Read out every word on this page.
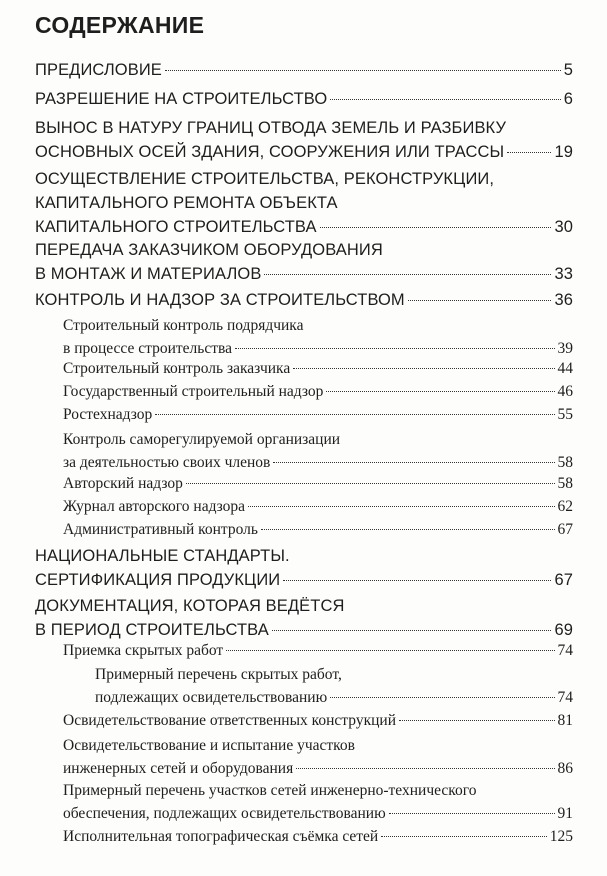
СОДЕРЖАНИЕ
ПРЕДИСЛОВИЕ	5
РАЗРЕШЕНИЕ НА СТРОИТЕЛЬСТВО	6
ВЫНОС В НАТУРУ ГРАНИЦ ОТВОДА ЗЕМЕЛЬ И РАЗБИВКУ
ОСНОВНЫХ ОСЕЙ ЗДАНИЯ, СООРУЖЕНИЯ ИЛИ ТРАССЫ	19
ОСУЩЕСТВЛЕНИЕ СТРОИТЕЛЬСТВА, РЕКОНСТРУКЦИИ,
КАПИТАЛЬНОГО РЕМОНТА ОБЪЕКТА
КАПИТАЛЬНОГО СТРОИТЕЛЬСТВА	30
ПЕРЕДАЧА ЗАКАЗЧИКОМ ОБОРУДОВАНИЯ
В МОНТАЖ И МАТЕРИАЛОВ	33
КОНТРОЛЬ И НАДЗОР ЗА СТРОИТЕЛЬСТВОМ	36
Строительный контроль подрядчика
в процессе строительства	39
Строительный контроль заказчика	44
Государственный строительный надзор	46
Ростехнадзор	55
Контроль саморегулируемой организации
за деятельностью своих членов	58
Авторский надзор	58
Журнал авторского надзора	62
Административный контроль	67
НАЦИОНАЛЬНЫЕ СТАНДАРТЫ.
СЕРТИФИКАЦИЯ ПРОДУКЦИИ	67
ДОКУМЕНТАЦИЯ, КОТОРАЯ ВЕДЁТСЯ
В ПЕРИОД СТРОИТЕЛЬСТВА	69
Приемка скрытых работ	74
Примерный перечень скрытых работ,
подлежащих освидетельствованию	74
Освидетельствование ответственных конструкций	81
Освидетельствование и испытание участков
инженерных сетей и оборудования	86
Примерный перечень участков сетей инженерно-технического
обеспечения, подлежащих освидетельствованию	91
Исполнительная топографическая съёмка сетей	125
